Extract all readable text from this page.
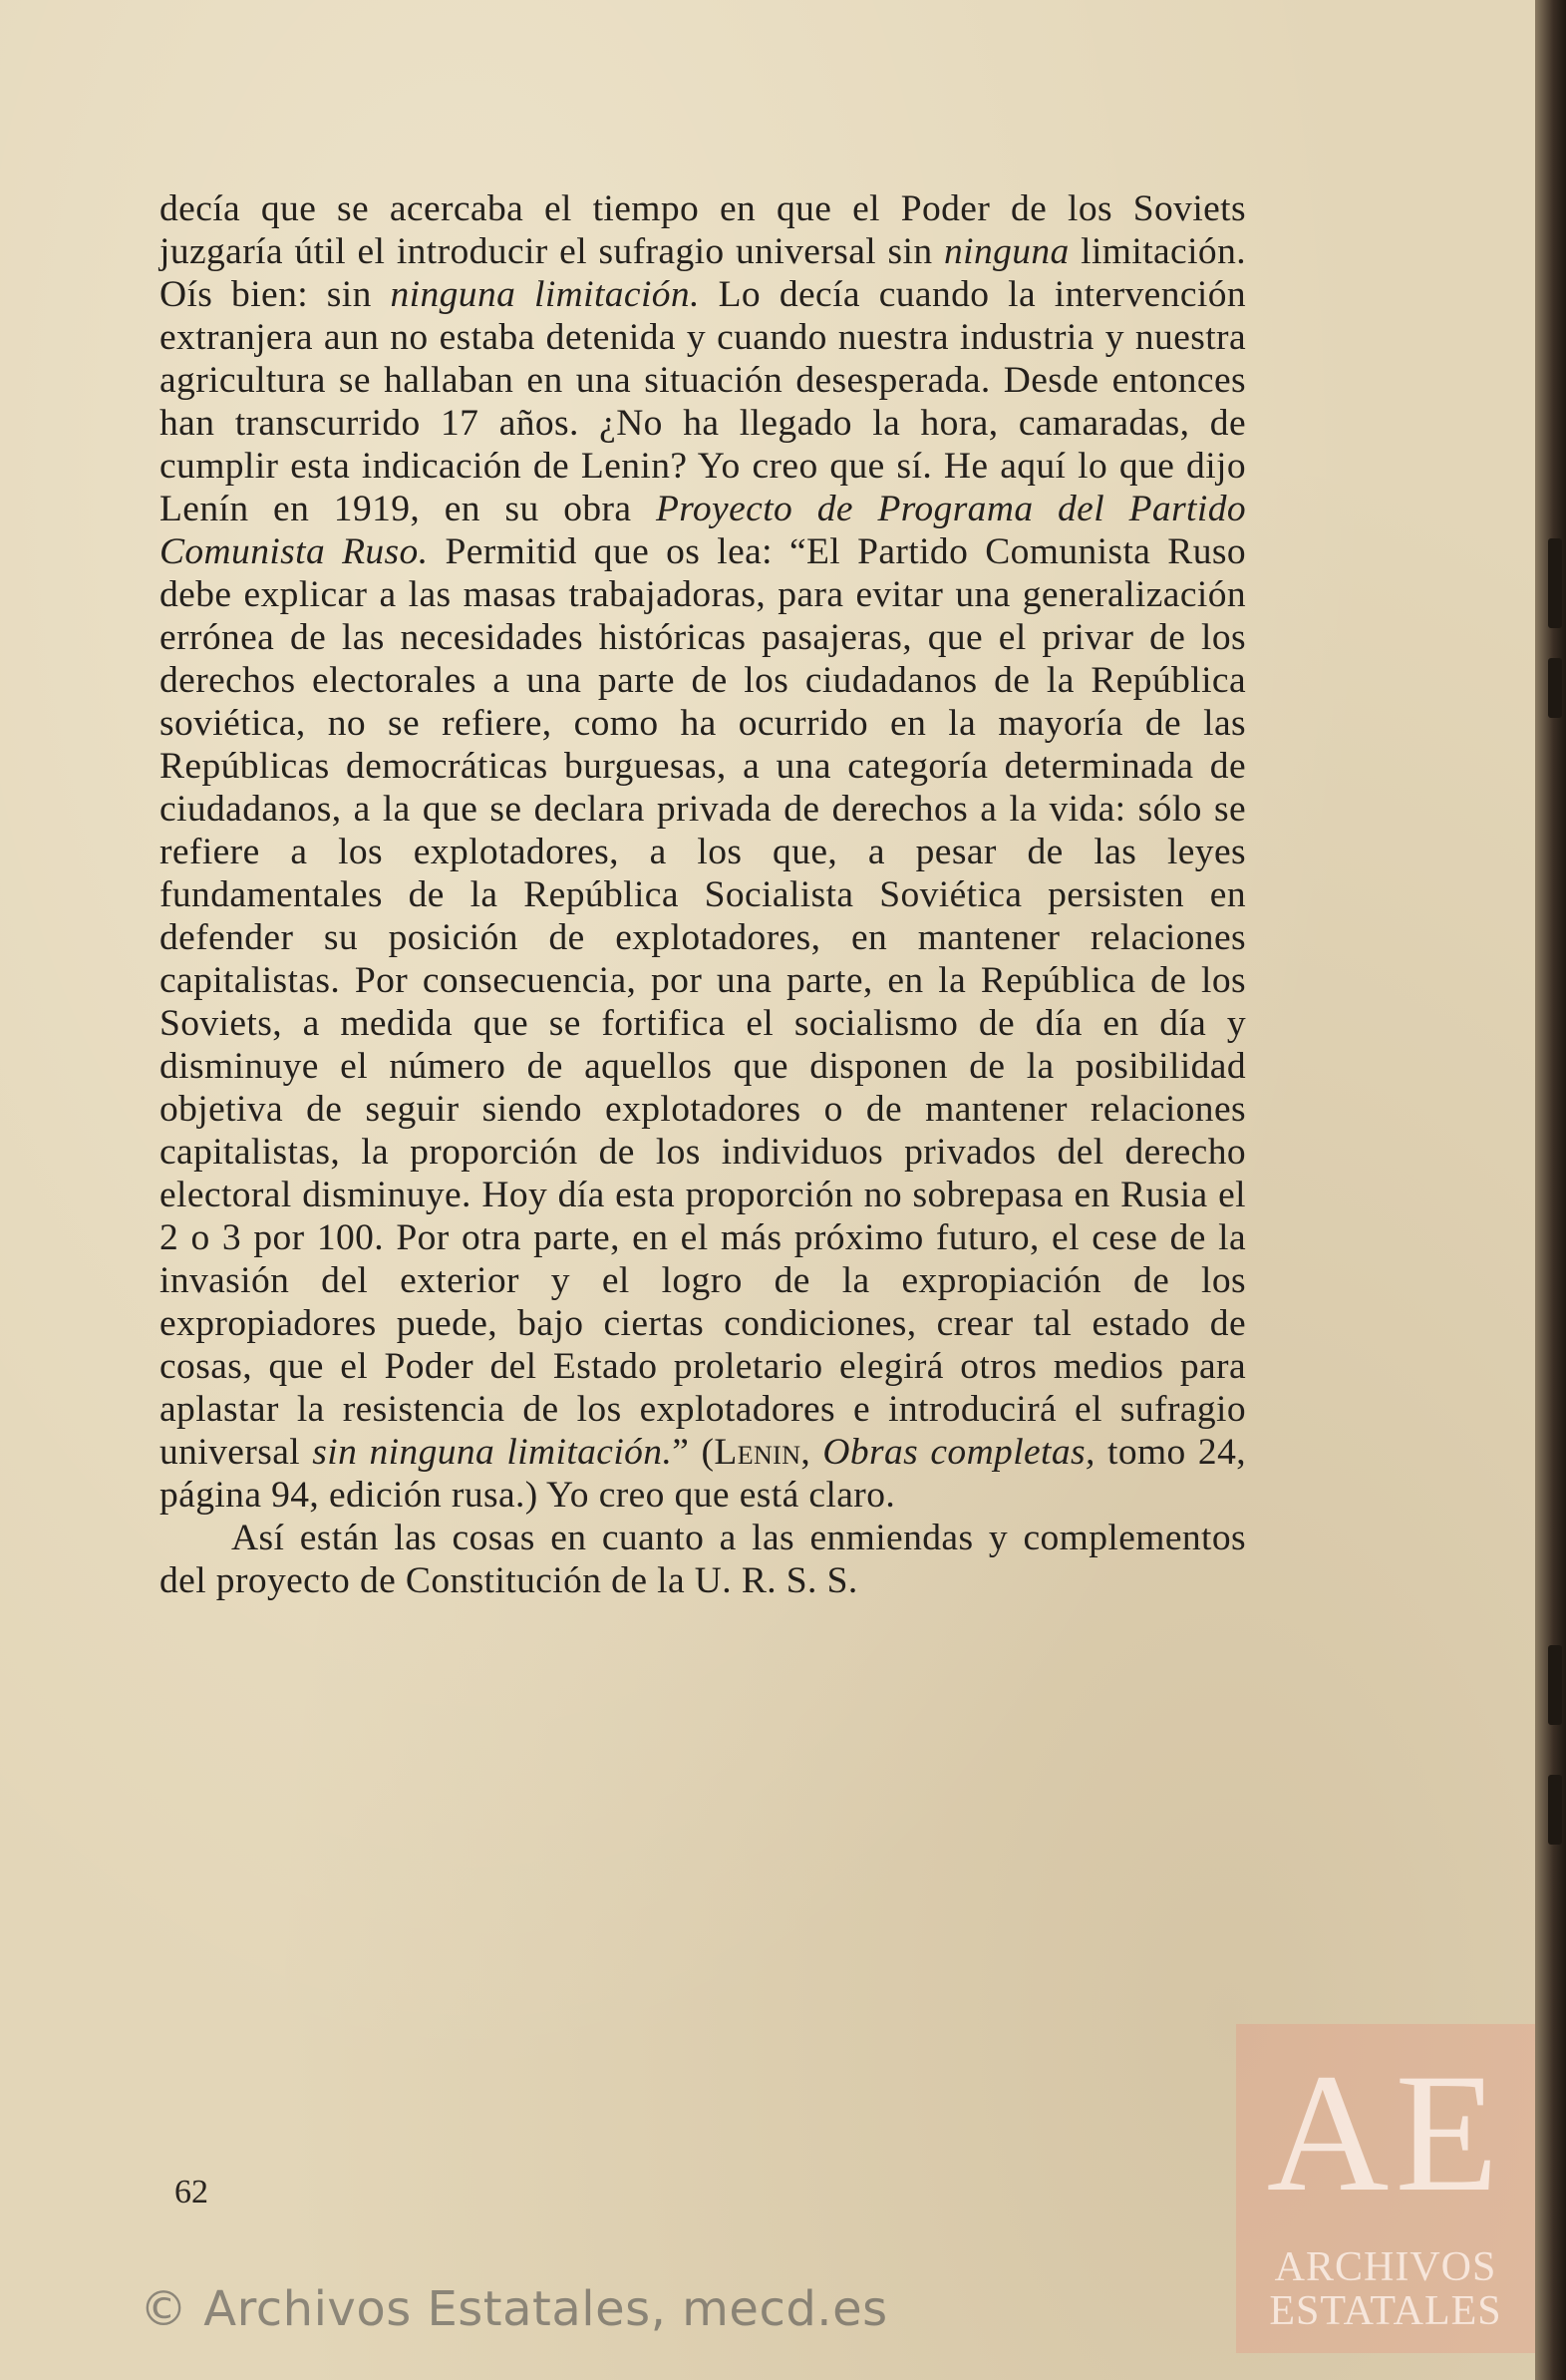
decía que se acercaba el tiempo en que el Poder de los Soviets juzgaría útil el introducir el sufragio universal sin ninguna limitación. Oís bien: sin ninguna limitación. Lo decía cuando la intervención extranjera aun no estaba detenida y cuando nuestra industria y nuestra agricultura se hallaban en una situación desesperada. Desde entonces han transcurrido 17 años. ¿No ha llegado la hora, camaradas, de cumplir esta indicación de Lenin? Yo creo que sí. He aquí lo que dijo Lenín en 1919, en su obra Proyecto de Programa del Partido Comunista Ruso. Permitid que os lea: “El Partido Comunista Ruso debe explicar a las masas trabajadoras, para evitar una generalización errónea de las necesidades históricas pasajeras, que el privar de los derechos electorales a una parte de los ciudadanos de la República soviética, no se refiere, como ha ocurrido en la mayoría de las Repúblicas democráticas burguesas, a una categoría determinada de ciudadanos, a la que se declara privada de derechos a la vida: sólo se refiere a los explotadores, a los que, a pesar de las leyes fundamentales de la República Socialista Soviética persisten en defender su posición de explotadores, en mantener relaciones capitalistas. Por consecuencia, por una parte, en la República de los Soviets, a medida que se fortifica el socialismo de día en día y disminuye el número de aquellos que disponen de la posibilidad objetiva de seguir siendo explotadores o de mantener relaciones capitalistas, la proporción de los individuos privados del derecho electoral disminuye. Hoy día esta proporción no sobrepasa en Rusia el 2 o 3 por 100. Por otra parte, en el más próximo futuro, el cese de la invasión del exterior y el logro de la expropiación de los expropiadores puede, bajo ciertas condiciones, crear tal estado de cosas, que el Poder del Estado proletario elegirá otros medios para aplastar la resistencia de los explotadores e introducirá el sufragio universal sin ninguna limitación.” (Lenin, Obras completas, tomo 24, página 94, edición rusa.) Yo creo que está claro.

Así están las cosas en cuanto a las enmiendas y complementos del proyecto de Constitución de la U. R. S. S.

62
© Archivos Estatales, mecd.es
AE
ARCHIVOS
ESTATALES
